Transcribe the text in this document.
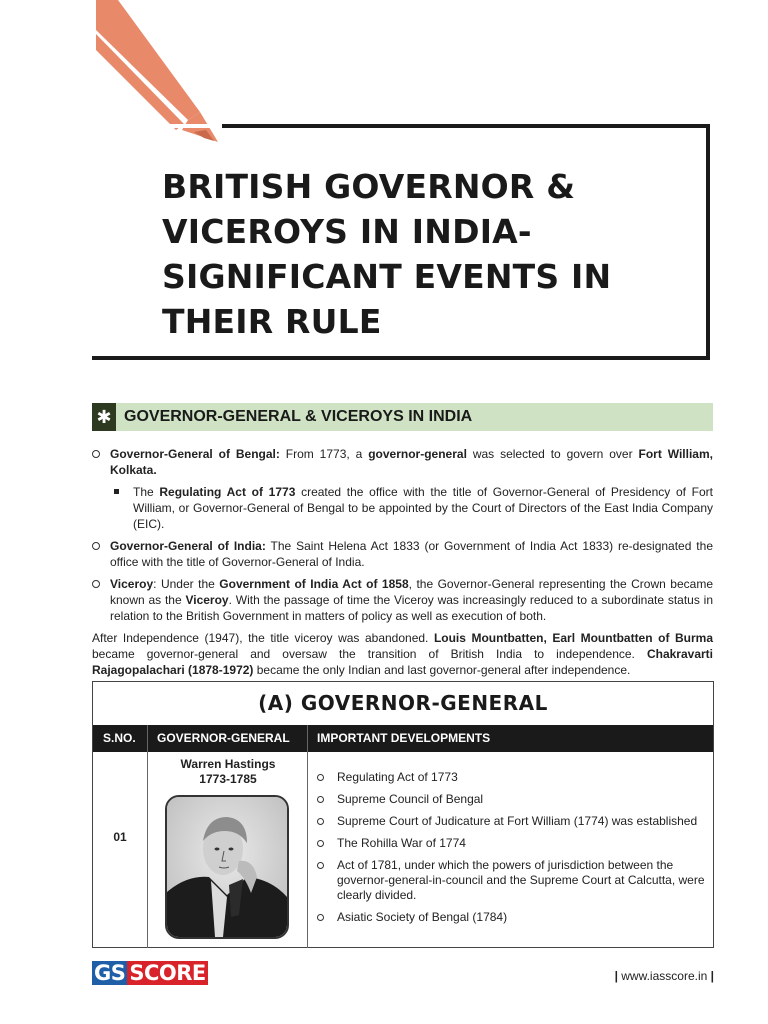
BRITISH GOVERNOR & VICEROYS IN INDIA-SIGNIFICANT EVENTS IN THEIR RULE
✱ GOVERNOR-GENERAL & VICEROYS IN INDIA
Governor-General of Bengal: From 1773, a governor-general was selected to govern over Fort William, Kolkata.
The Regulating Act of 1773 created the office with the title of Governor-General of Presidency of Fort William, or Governor-General of Bengal to be appointed by the Court of Directors of the East India Company (EIC).
Governor-General of India: The Saint Helena Act 1833 (or Government of India Act 1833) re-designated the office with the title of Governor-General of India.
Viceroy: Under the Government of India Act of 1858, the Governor-General representing the Crown became known as the Viceroy. With the passage of time the Viceroy was increasingly reduced to a subordinate status in relation to the British Government in matters of policy as well as execution of both.
After Independence (1947), the title viceroy was abandoned. Louis Mountbatten, Earl Mountbatten of Burma became governor-general and oversaw the transition of British India to independence. Chakravarti Rajagopalachari (1878-1972) became the only Indian and last governor-general after independence.
(A) GOVERNOR-GENERAL
S.NO. GOVERNOR-GENERAL IMPORTANT DEVELOPMENTS
01
Warren Hastings
1773-1785	Regulating Act of 1773
Supreme Council of Bengal
Supreme Court of Judicature at Fort William (1774) was established
The Rohilla War of 1774
Act of 1781, under which the powers of jurisdiction between the governor-general-in-council and the Supreme Court at Calcutta, were clearly divided.
Asiatic Society of Bengal (1784)
GS SCORE	| www.iasscore.in |
